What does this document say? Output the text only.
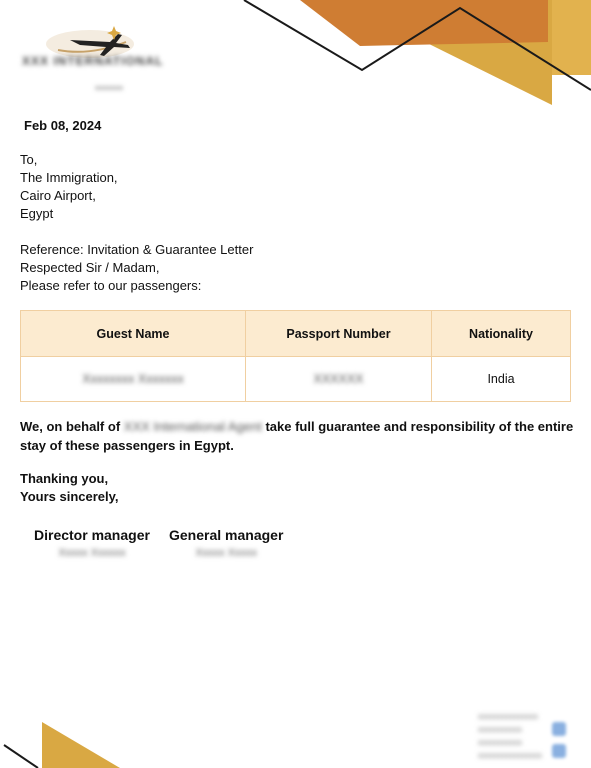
XXX INTERNATIONAL
xxxxxxxx
Feb 08, 2024
To,
The Immigration,
Cairo Airport,
Egypt
Reference: Invitation & Guarantee Letter
Respected Sir / Madam,
Please refer to our passengers:
Guest Name	Passport Number	Nationality
Xxxxxxxx Xxxxxxx	XXXXXX	India
We, on behalf of XXX International Agent take full guarantee and responsibility of the entire stay of these passengers in Egypt.
Thanking you,
Yours sincerely,
Director manager
Xxxxx Xxxxxx
General manager
Xxxxx Xxxxx
xxxxxxxxxxxxxxx
xxxxxxxxxxx
xxxxxxxxxxx
xxxxxxxxxxxxxxxx
